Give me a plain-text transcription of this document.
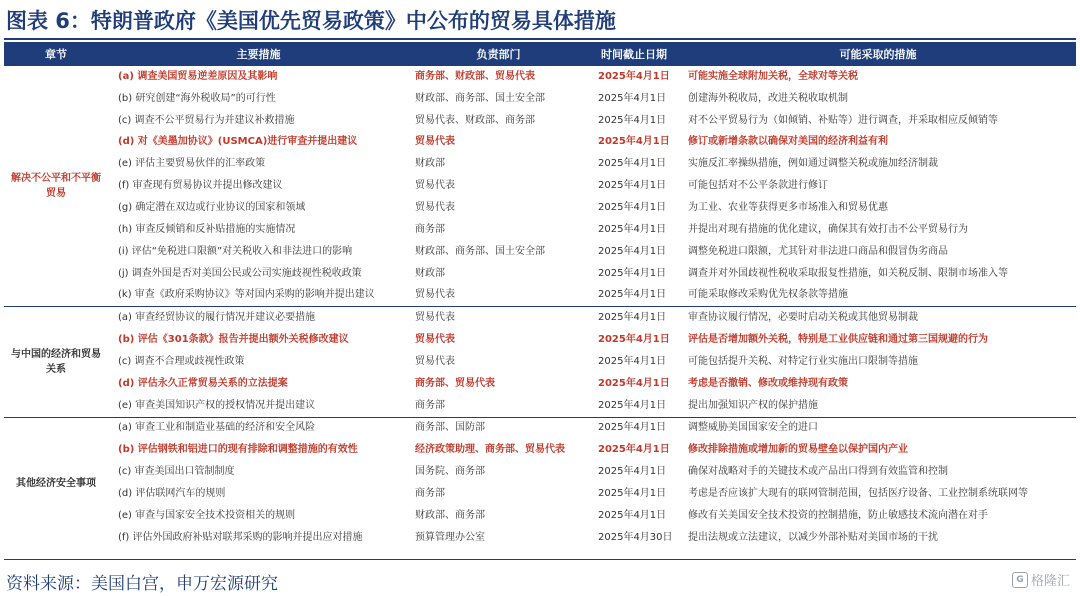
图表 6：特朗普政府《美国优先贸易政策》中公布的贸易具体措施
章节	主要措施	负责部门	时间截止日期	可能采取的措施
解决不公平和不平衡贸易	(a) 调查美国贸易逆差原因及其影响	商务部、财政部、贸易代表	2025年4月1日	可能实施全球附加关税，全球对等关税
	(b) 研究创建“海外税收局”的可行性	财政部、商务部、国土安全部	2025年4月1日	创建海外税收局，改进关税收取机制
	(c) 调查不公平贸易行为并建议补救措施	贸易代表、财政部、商务部	2025年4月1日	对不公平贸易行为（如倾销、补贴等）进行调查，并采取相应反倾销等
	(d) 对《美墨加协议》(USMCA)进行审查并提出建议	贸易代表	2025年4月1日	修订或新增条款以确保对美国的经济利益有利
	(e) 评估主要贸易伙伴的汇率政策	财政部	2025年4月1日	实施反汇率操纵措施，例如通过调整关税或施加经济制裁
	(f) 审查现有贸易协议并提出修改建议	贸易代表	2025年4月1日	可能包括对不公平条款进行修订
	(g) 确定潜在双边或行业协议的国家和领域	贸易代表	2025年4月1日	为工业、农业等获得更多市场准入和贸易优惠
	(h) 审查反倾销和反补贴措施的实施情况	商务部	2025年4月1日	并提出对现有措施的优化建议，确保其有效打击不公平贸易行为
	(i) 评估“免税进口限额”对关税收入和非法进口的影响	财政部、商务部、国土安全部	2025年4月1日	调整免税进口限额，尤其针对非法进口商品和假冒伪劣商品
	(j) 调查外国是否对美国公民或公司实施歧视性税收政策	财政部	2025年4月1日	调查并对外国歧视性税收采取报复性措施，如关税反制、限制市场准入等
	(k) 审查《政府采购协议》等对国内采购的影响并提出建议	贸易代表	2025年4月1日	可能采取修改采购优先权条款等措施
与中国的经济和贸易关系	(a) 审查经贸协议的履行情况并建议必要措施	贸易代表	2025年4月1日	审查协议履行情况，必要时启动关税或其他贸易制裁
	(b) 评估《301条款》报告并提出额外关税修改建议	贸易代表	2025年4月1日	评估是否增加额外关税，特别是工业供应链和通过第三国规避的行为
	(c) 调查不合理或歧视性政策	贸易代表	2025年4月1日	可能包括提升关税、对特定行业实施出口限制等措施
	(d) 评估永久正常贸易关系的立法提案	商务部、贸易代表	2025年4月1日	考虑是否撤销、修改或维持现有政策
	(e) 审查美国知识产权的授权情况并提出建议	商务部	2025年4月1日	提出加强知识产权的保护措施
其他经济安全事项	(a) 审查工业和制造业基础的经济和安全风险	商务部、国防部	2025年4月1日	调整威胁美国国家安全的进口
	(b) 评估钢铁和铝进口的现有排除和调整措施的有效性	经济政策助理、商务部、贸易代表	2025年4月1日	修改排除措施或增加新的贸易壁垒以保护国内产业
	(c) 审查美国出口管制制度	国务院、商务部	2025年4月1日	确保对战略对手的关键技术或产品出口得到有效监管和控制
	(d) 评估联网汽车的规则	商务部	2025年4月1日	考虑是否应该扩大现有的联网管制范围，包括医疗设备、工业控制系统联网等
	(e) 审查与国家安全技术投资相关的规则	财政部、商务部	2025年4月1日	修改有关美国安全技术投资的控制措施，防止敏感技术流向潜在对手
	(f) 评估外国政府补贴对联邦采购的影响并提出应对措施	预算管理办公室	2025年4月30日	提出法规或立法建议，以减少外部补贴对美国市场的干扰
资料来源：美国白宫，申万宏源研究	G 格隆汇
